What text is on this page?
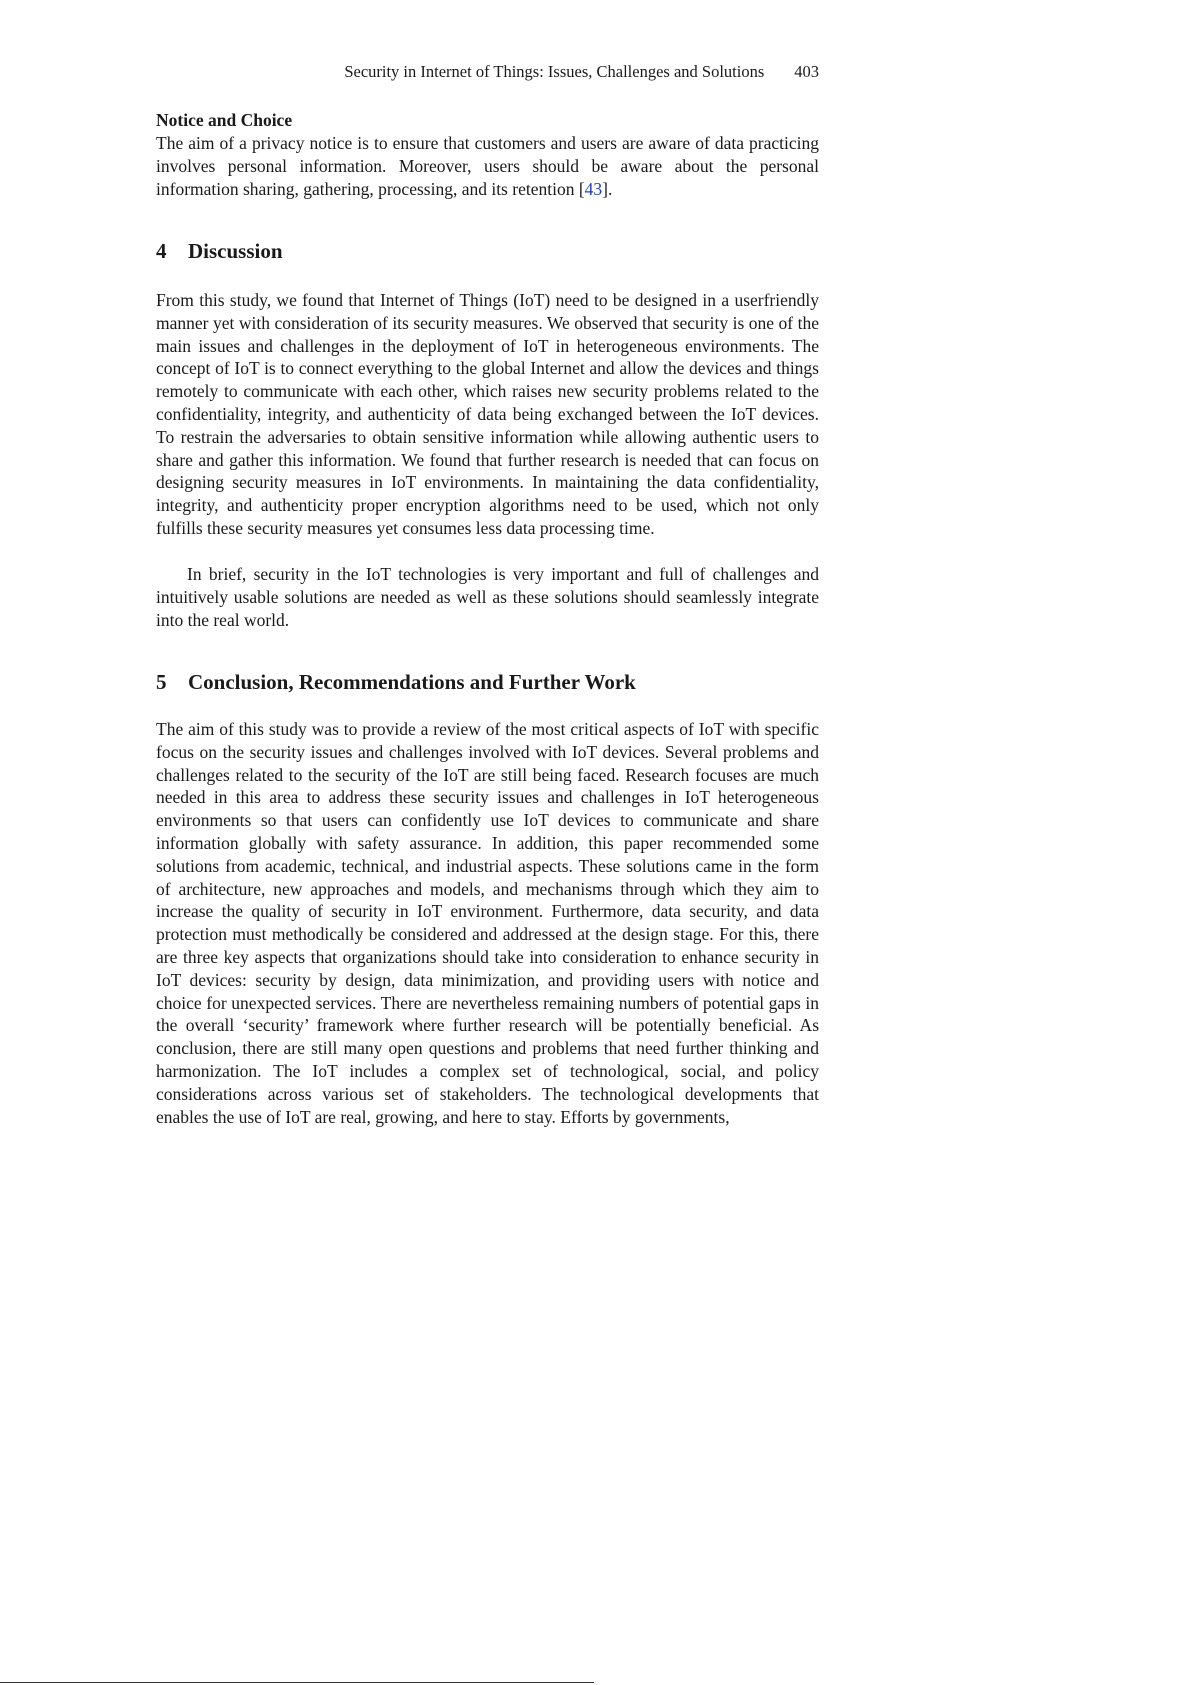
Security in Internet of Things: Issues, Challenges and Solutions 403
Notice and Choice

The aim of a privacy notice is to ensure that customers and users are aware of data practicing involves personal information. Moreover, users should be aware about the personal information sharing, gathering, processing, and its retention [43].

4 Discussion

From this study, we found that Internet of Things (IoT) need to be designed in a userfriendly manner yet with consideration of its security measures. We observed that security is one of the main issues and challenges in the deployment of IoT in heterogeneous environments. The concept of IoT is to connect everything to the global Internet and allow the devices and things remotely to communicate with each other, which raises new security problems related to the confidentiality, integrity, and authenticity of data being exchanged between the IoT devices. To restrain the adversaries to obtain sensitive information while allowing authentic users to share and gather this information. We found that further research is needed that can focus on designing security measures in IoT environments. In maintaining the data confidentiality, integrity, and authenticity proper encryption algorithms need to be used, which not only fulfills these security measures yet consumes less data processing time.

In brief, security in the IoT technologies is very important and full of challenges and intuitively usable solutions are needed as well as these solutions should seamlessly integrate into the real world.

5 Conclusion, Recommendations and Further Work

The aim of this study was to provide a review of the most critical aspects of IoT with specific focus on the security issues and challenges involved with IoT devices. Several problems and challenges related to the security of the IoT are still being faced. Research focuses are much needed in this area to address these security issues and challenges in IoT heterogeneous environments so that users can confidently use IoT devices to communicate and share information globally with safety assurance. In addition, this paper recommended some solutions from academic, technical, and industrial aspects. These solutions came in the form of architecture, new approaches and models, and mechanisms through which they aim to increase the quality of security in IoT environment. Furthermore, data security, and data protection must methodically be considered and addressed at the design stage. For this, there are three key aspects that organizations should take into consideration to enhance security in IoT devices: security by design, data minimization, and providing users with notice and choice for unexpected services. There are nevertheless remaining numbers of potential gaps in the overall ‘security’ framework where further research will be potentially beneficial. As conclusion, there are still many open questions and problems that need further thinking and harmonization. The IoT includes a complex set of technological, social, and policy considerations across various set of stakeholders. The technological developments that enables the use of IoT are real, growing, and here to stay. Efforts by governments,
